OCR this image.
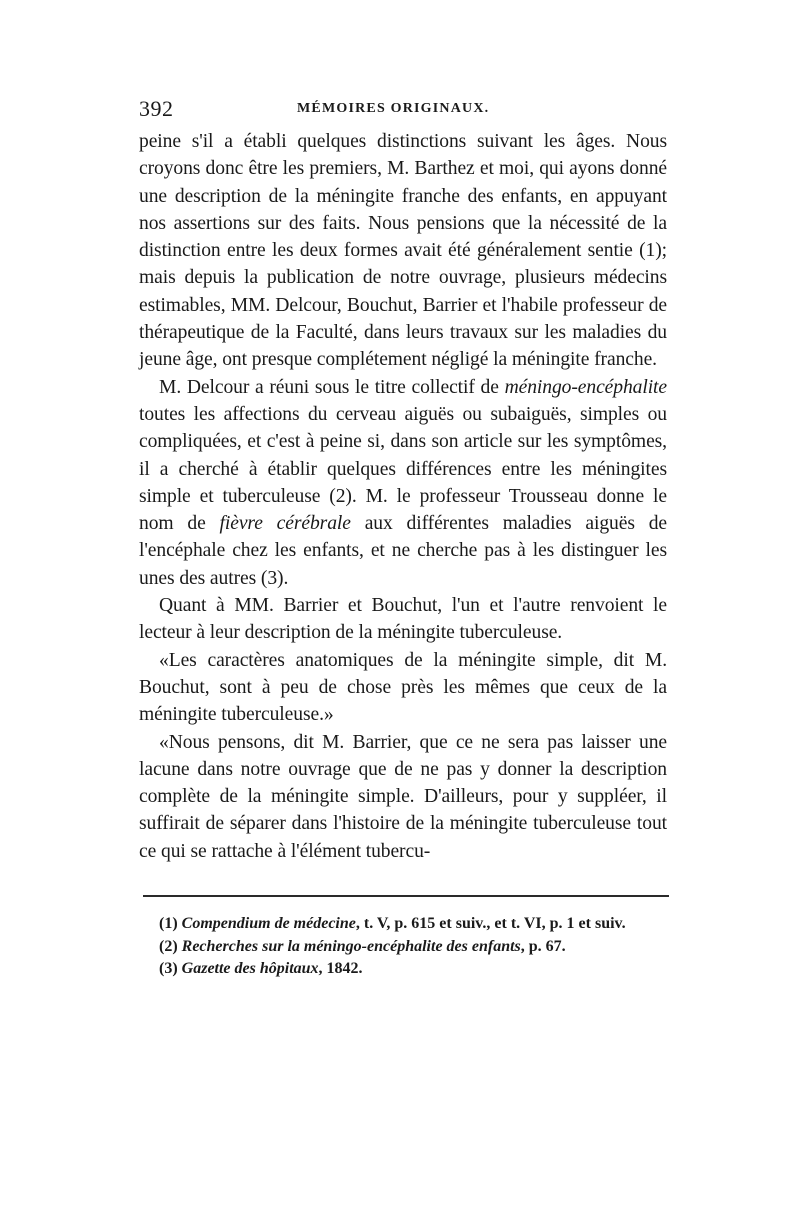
392	MÉMOIRES ORIGINAUX.

peine s'il a établi quelques distinctions suivant les âges. Nous croyons donc être les premiers, M. Barthez et moi, qui ayons donné une description de la méningite franche des enfants, en appuyant nos assertions sur des faits. Nous pensions que la nécessité de la distinction entre les deux formes avait été généralement sentie (1); mais depuis la publication de notre ouvrage, plusieurs médecins estimables, MM. Delcour, Bouchut, Barrier et l'habile professeur de thérapeutique de la Faculté, dans leurs travaux sur les maladies du jeune âge, ont presque complétement négligé la méningite franche.

M. Delcour a réuni sous le titre collectif de méningo-encéphalite toutes les affections du cerveau aiguës ou subaiguës, simples ou compliquées, et c'est à peine si, dans son article sur les symptômes, il a cherché à établir quelques différences entre les méningites simple et tuberculeuse (2). M. le professeur Trousseau donne le nom de fièvre cérébrale aux différentes maladies aiguës de l'encéphale chez les enfants, et ne cherche pas à les distinguer les unes des autres (3).

Quant à MM. Barrier et Bouchut, l'un et l'autre renvoient le lecteur à leur description de la méningite tuberculeuse.

«Les caractères anatomiques de la méningite simple, dit M. Bouchut, sont à peu de chose près les mêmes que ceux de la méningite tuberculeuse.»

«Nous pensons, dit M. Barrier, que ce ne sera pas laisser une lacune dans notre ouvrage que de ne pas y donner la description complète de la méningite simple. D'ailleurs, pour y suppléer, il suffirait de séparer dans l'histoire de la méningite tuberculeuse tout ce qui se rattache à l'élément tubercu-

(1) Compendium de médecine, t. V, p. 615 et suiv., et t. VI, p. 1 et suiv.

(2) Recherches sur la méningo-encéphalite des enfants, p. 67.

(3) Gazette des hôpitaux, 1842.
